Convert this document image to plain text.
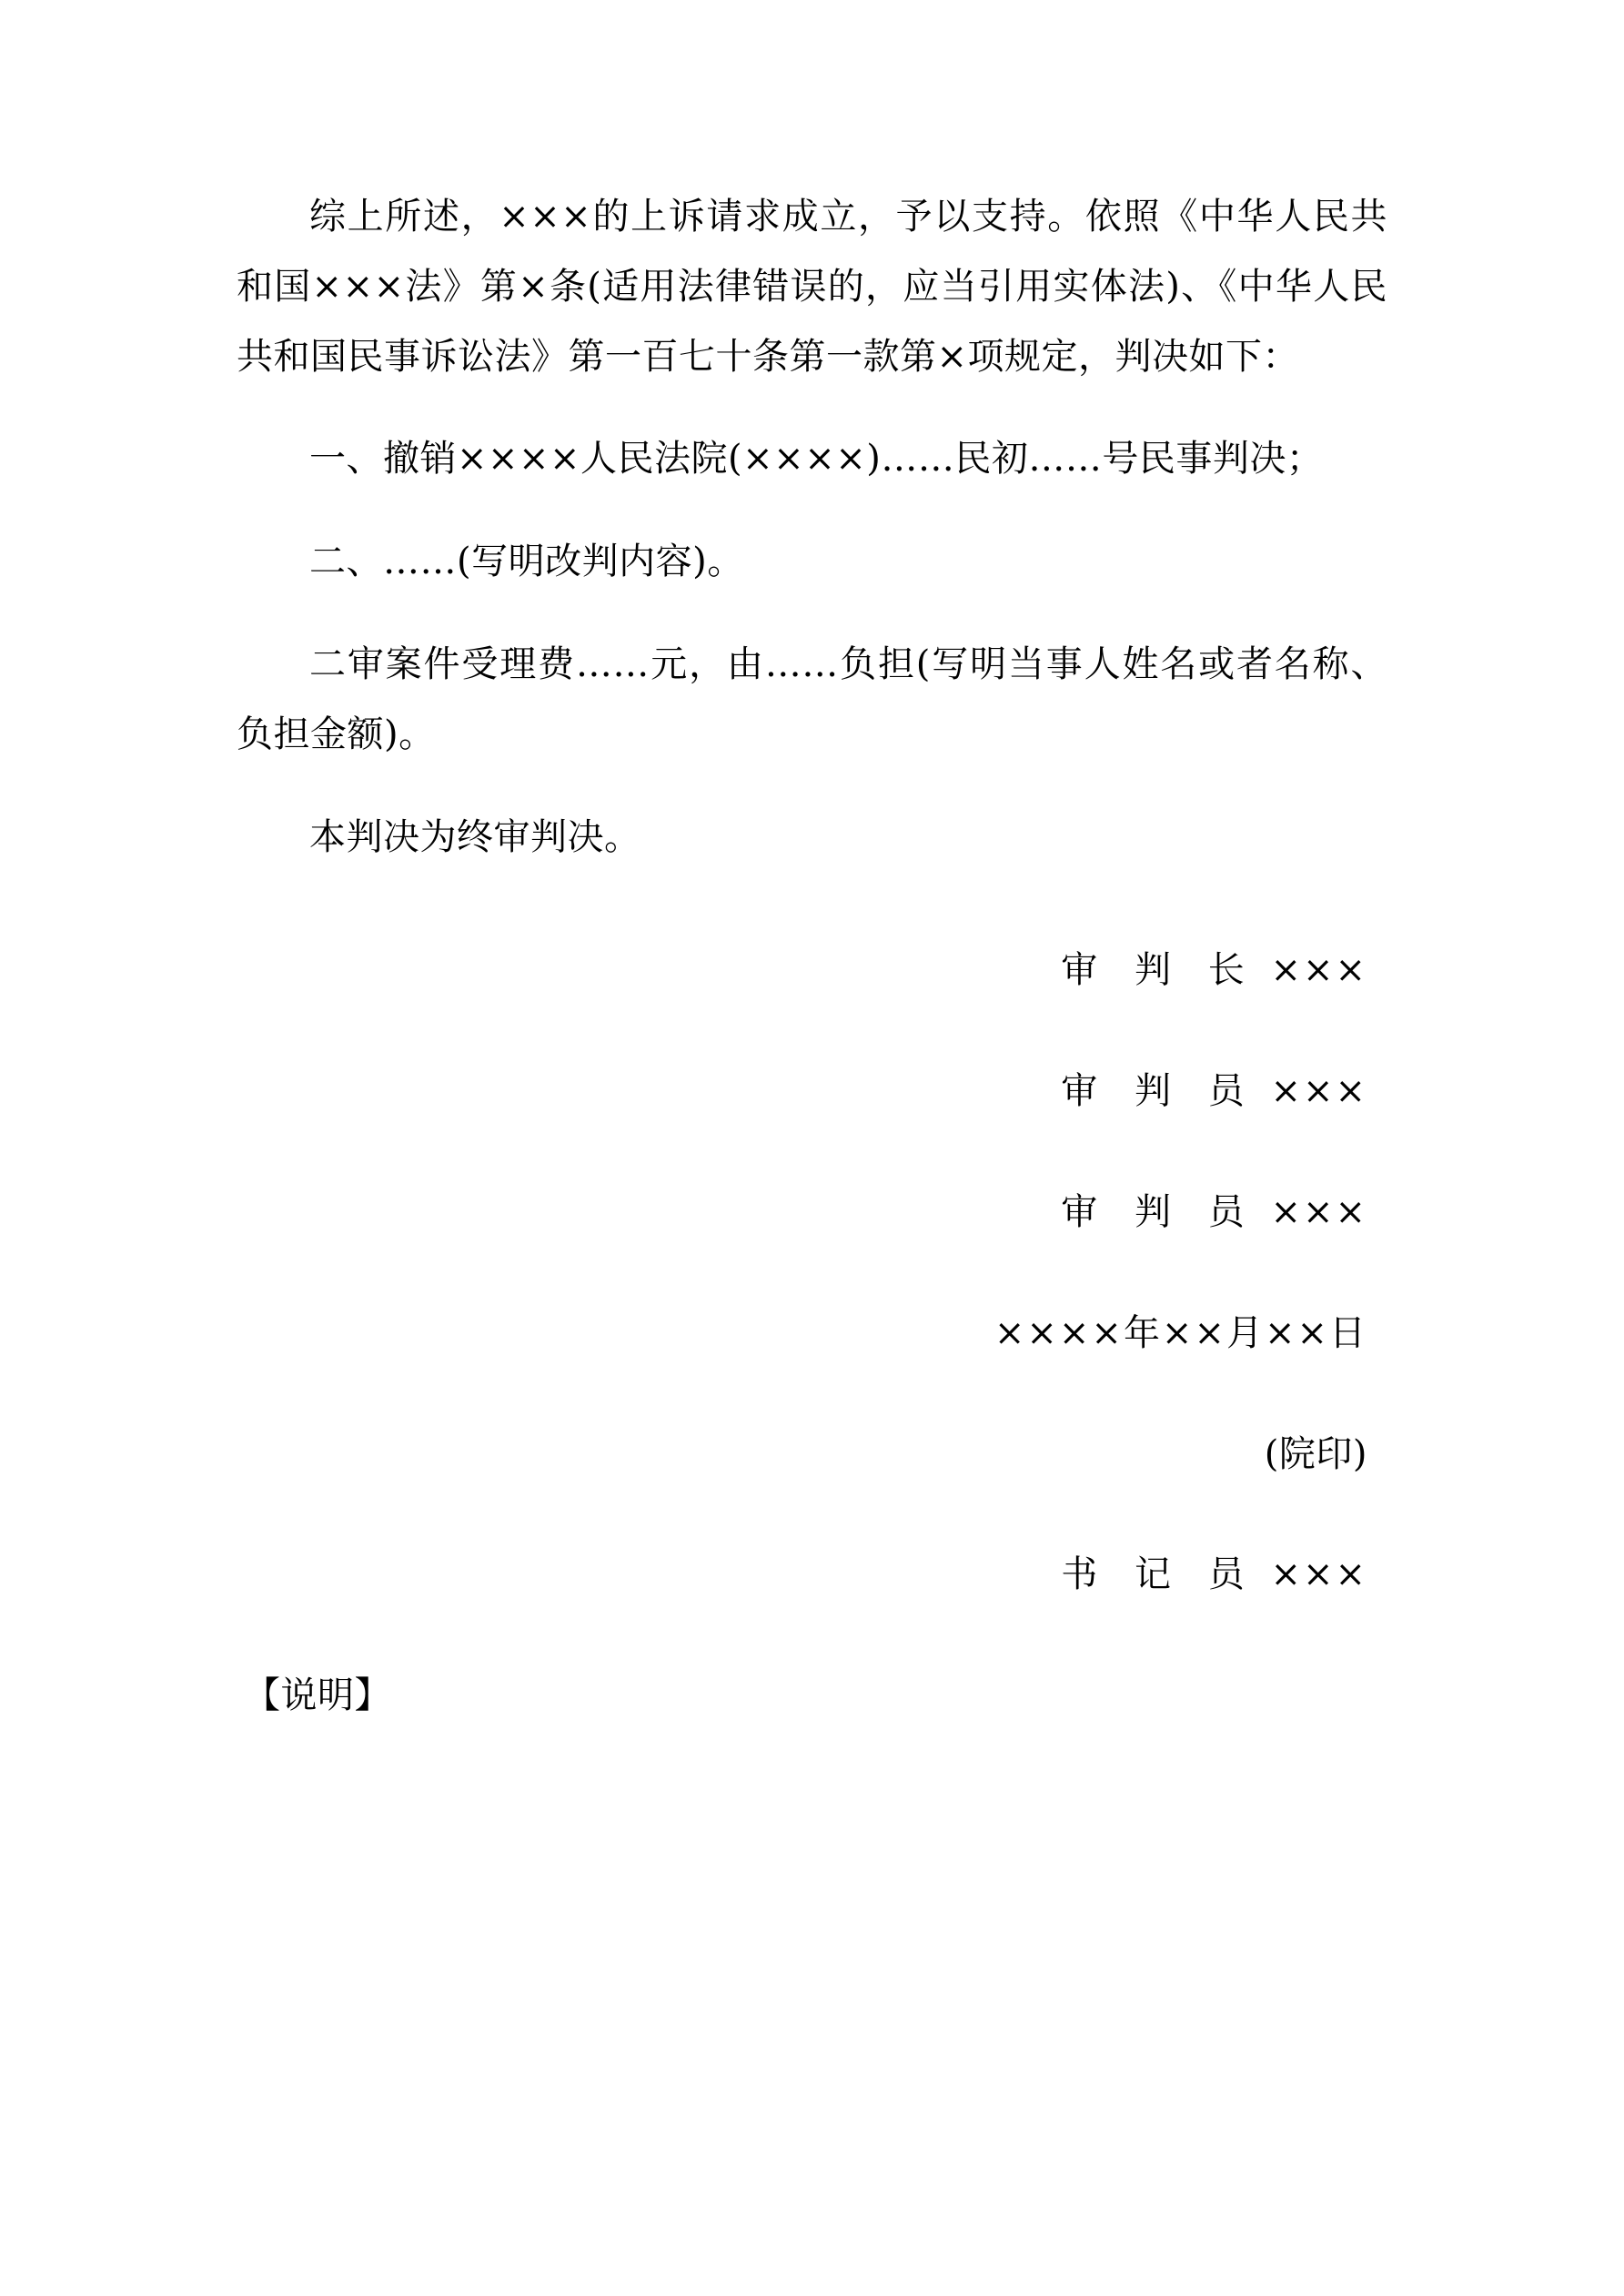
综上所述，×××的上诉请求成立，予以支持。依照《中华人民共和国×××法》第×条(适用法律错误的，应当引用实体法)、《中华人民共和国民事诉讼法》第一百七十条第一款第×项规定，判决如下：

一、撤销××××人民法院(××××)……民初……号民事判决；

二、……(写明改判内容)。

二审案件受理费……元，由……负担(写明当事人姓名或者名称、负担金额)。

本判决为终审判决。

审 判 长 ×××
审 判 员 ×××
审 判 员 ×××
××××年××月××日
(院印)
书 记 员 ×××
【说明】
